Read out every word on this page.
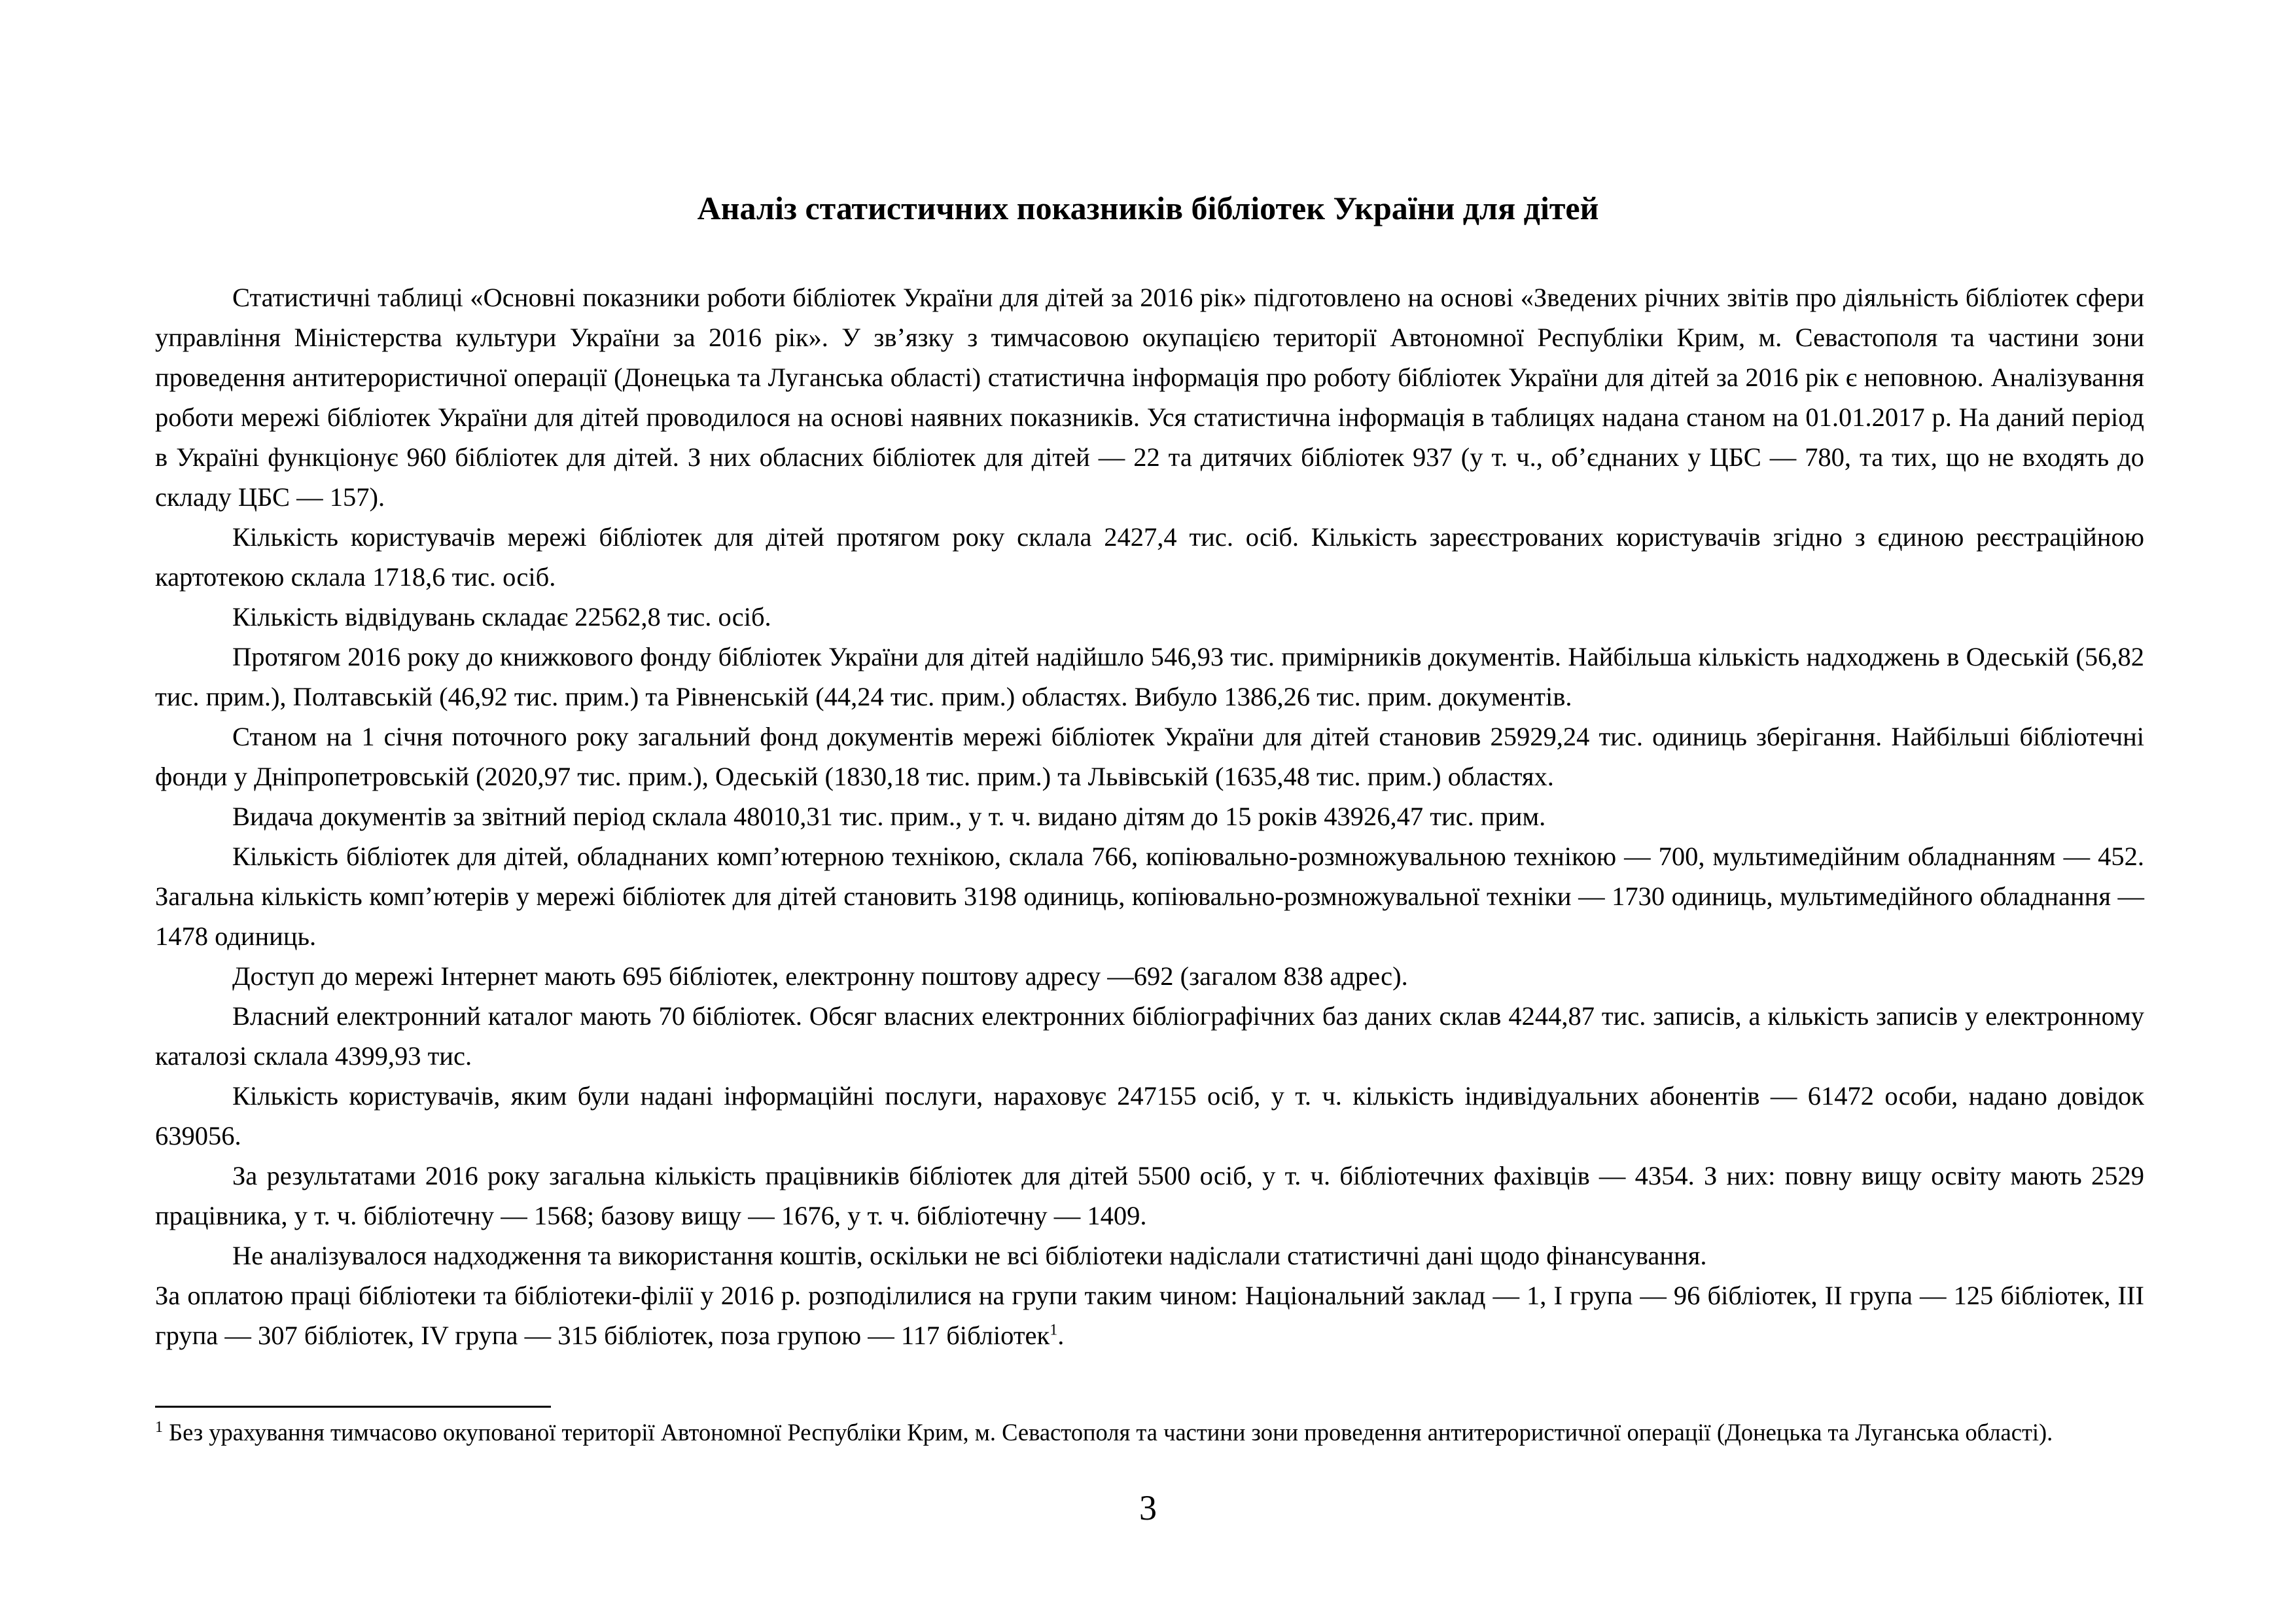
Аналіз статистичних показників бібліотек України для дітей

Статистичні таблиці «Основні показники роботи бібліотек України для дітей за 2016 рік» підготовлено на основі «Зведених річних звітів про діяльність бібліотек сфери управління Міністерства культури України за 2016 рік». У зв’язку з тимчасовою окупацією території Автономної Республіки Крим, м. Севастополя та частини зони проведення антитерористичної операції (Донецька та Луганська області) статистична інформація про роботу бібліотек України для дітей за 2016 рік є неповною. Аналізування роботи мережі бібліотек України для дітей проводилося на основі наявних показників. Уся статистична інформація в таблицях надана станом на 01.01.2017 р. На даний період в Україні функціонує 960 бібліотек для дітей. З них обласних бібліотек для дітей — 22 та дитячих бібліотек 937 (у т. ч., об’єднаних у ЦБС — 780, та тих, що не входять до складу ЦБС — 157).

Кількість користувачів мережі бібліотек для дітей протягом року склала 2427,4 тис. осіб. Кількість зареєстрованих користувачів згідно з єдиною реєстраційною картотекою склала 1718,6 тис. осіб.

Кількість відвідувань складає 22562,8 тис. осіб.

Протягом 2016 року до книжкового фонду бібліотек України для дітей надійшло 546,93 тис. примірників документів. Найбільша кількість надходжень в Одеській (56,82 тис. прим.), Полтавській (46,92 тис. прим.) та Рівненській (44,24 тис. прим.) областях. Вибуло 1386,26 тис. прим. документів.

Станом на 1 січня поточного року загальний фонд документів мережі бібліотек України для дітей становив 25929,24 тис. одиниць зберігання. Найбільші бібліотечні фонди у Дніпропетровській (2020,97 тис. прим.), Одеській (1830,18 тис. прим.) та Львівській (1635,48 тис. прим.) областях.

Видача документів за звітний період склала 48010,31 тис. прим., у т. ч. видано дітям до 15 років 43926,47 тис. прим.

Кількість бібліотек для дітей, обладнаних комп’ютерною технікою, склала 766, копіювально-розмножувальною технікою — 700, мультимедійним обладнанням — 452. Загальна кількість комп’ютерів у мережі бібліотек для дітей становить 3198 одиниць, копіювально-розмножувальної техніки — 1730 одиниць, мультимедійного обладнання — 1478 одиниць.

Доступ до мережі Інтернет мають 695 бібліотек, електронну поштову адресу —692 (загалом 838 адрес).

Власний електронний каталог мають 70 бібліотек. Обсяг власних електронних бібліографічних баз даних склав 4244,87 тис. записів, а кількість записів у електронному каталозі склала 4399,93 тис.

Кількість користувачів, яким були надані інформаційні послуги, нараховує 247155 осіб, у т. ч. кількість індивідуальних абонентів — 61472 особи, надано довідок 639056.

За результатами 2016 року загальна кількість працівників бібліотек для дітей 5500 осіб, у т. ч. бібліотечних фахівців — 4354. З них: повну вищу освіту мають 2529 працівника, у т. ч. бібліотечну — 1568; базову вищу — 1676, у т. ч. бібліотечну — 1409.

Не аналізувалося надходження та використання коштів, оскільки не всі бібліотеки надіслали статистичні дані щодо фінансування.

За оплатою праці бібліотеки та бібліотеки-філії у 2016 р. розподілилися на групи таким чином: Національний заклад — 1, І група — 96 бібліотек, ІІ група — 125 бібліотек, ІІІ група — 307 бібліотек, IV група — 315 бібліотек, поза групою — 117 бібліотек$^1$.

$^1$ Без урахування тимчасово окупованої території Автономної Республіки Крим, м. Севастополя та частини зони проведення антитерористичної операції (Донецька та Луганська області).

3
